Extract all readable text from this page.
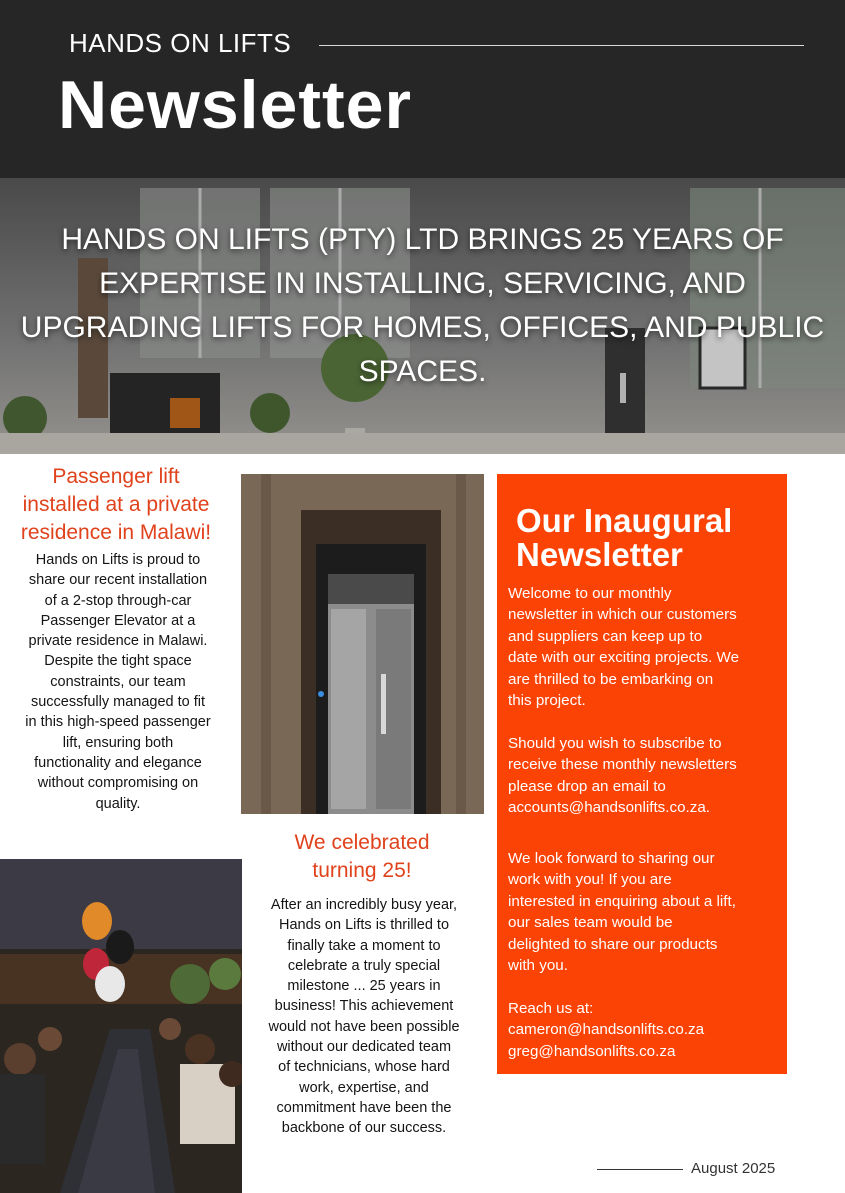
HANDS ON LIFTS
Newsletter
HANDS ON LIFTS (PTY) LTD BRINGS 25 YEARS OF EXPERTISE IN INSTALLING, SERVICING, AND UPGRADING LIFTS FOR HOMES, OFFICES, AND PUBLIC SPACES.
Passenger lift
installed at a private
residence in Malawi!
Hands on Lifts is proud to
share our recent installation
of a 2-stop through-car
Passenger Elevator at a
private residence in Malawi.
Despite the tight space
constraints, our team
successfully managed to fit
in this high-speed passenger
lift, ensuring both
functionality and elegance
without compromising on
quality.
We celebrated
turning 25!
After an incredibly busy year,
Hands on Lifts is thrilled to
finally take a moment to
celebrate a truly special
milestone ... 25 years in
business! This achievement
would not have been possible
without our dedicated team
of technicians, whose hard
work, expertise, and
commitment have been the
backbone of our success.
Our Inaugural
Newsletter
Welcome to our monthly
newsletter in which our customers
and suppliers can keep up to
date with our exciting projects. We
are thrilled to be embarking on
this project.
Should you wish to subscribe to
receive these monthly newsletters
please drop an email to
accounts@handsonlifts.co.za.
We look forward to sharing our
work with you! If you are
interested in enquiring about a lift,
our sales team would be
delighted to share our products
with you.
Reach us at:
cameron@handsonlifts.co.za
greg@handsonlifts.co.za
August 2025
